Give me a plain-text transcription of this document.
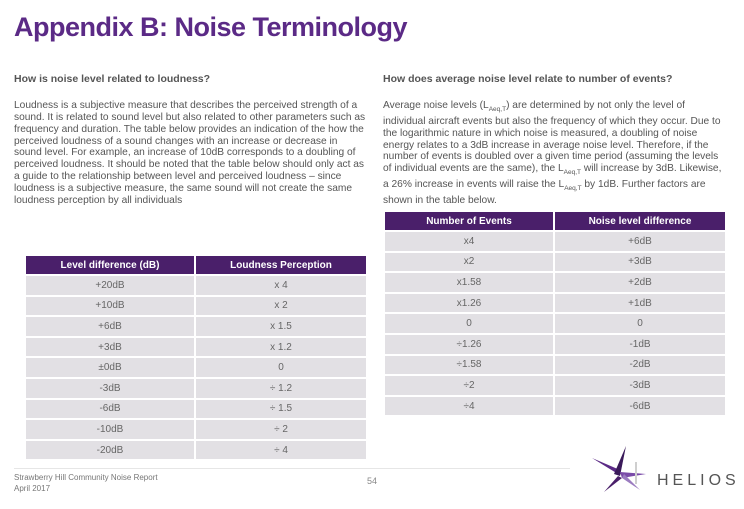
Appendix B: Noise Terminology
How is noise level related to loudness?
Loudness is a subjective measure that describes the perceived strength of a sound. It is related to sound level but also related to other parameters such as frequency and duration. The table below provides an indication of the how the perceived loudness of a sound changes with an increase or decrease in sound level. For example, an increase of 10dB corresponds to a doubling of perceived loudness. It should be noted that the table below should only act as a guide to the relationship between level and perceived loudness – since loudness is a subjective measure, the same sound will not create the same loudness perception by all individuals
Level difference (dB)	Loudness Perception
+20dB	x 4
+10dB	x 2
+6dB	x 1.5
+3dB	x 1.2
±0dB	0
-3dB	÷ 1.2
-6dB	÷ 1.5
-10dB	÷ 2
-20dB	÷ 4
How does average noise level relate to number of events?
Average noise levels $(L_{Aeq,T})$ are determined by not only the level of individual aircraft events but also the frequency of which they occur. Due to the logarithmic nature in which noise is measured, a doubling of noise energy relates to a 3dB increase in average noise level. Therefore, if the number of events is doubled over a given time period (assuming the levels of individual events are the same), the $L_{Aeq,T}$ will increase by 3dB. Likewise, a 26% increase in events will raise the $L_{Aeq,T}$ by 1dB. Further factors are shown in the table below.
Number of Events	Noise level difference
x4	+6dB
x2	+3dB
x1.58	+2dB
x1.26	+1dB
0	0
÷1.26	-1dB
÷1.58	-2dB
÷2	-3dB
÷4	-6dB
Strawberry Hill Community Noise Report
April 2017
54	HELIOS
